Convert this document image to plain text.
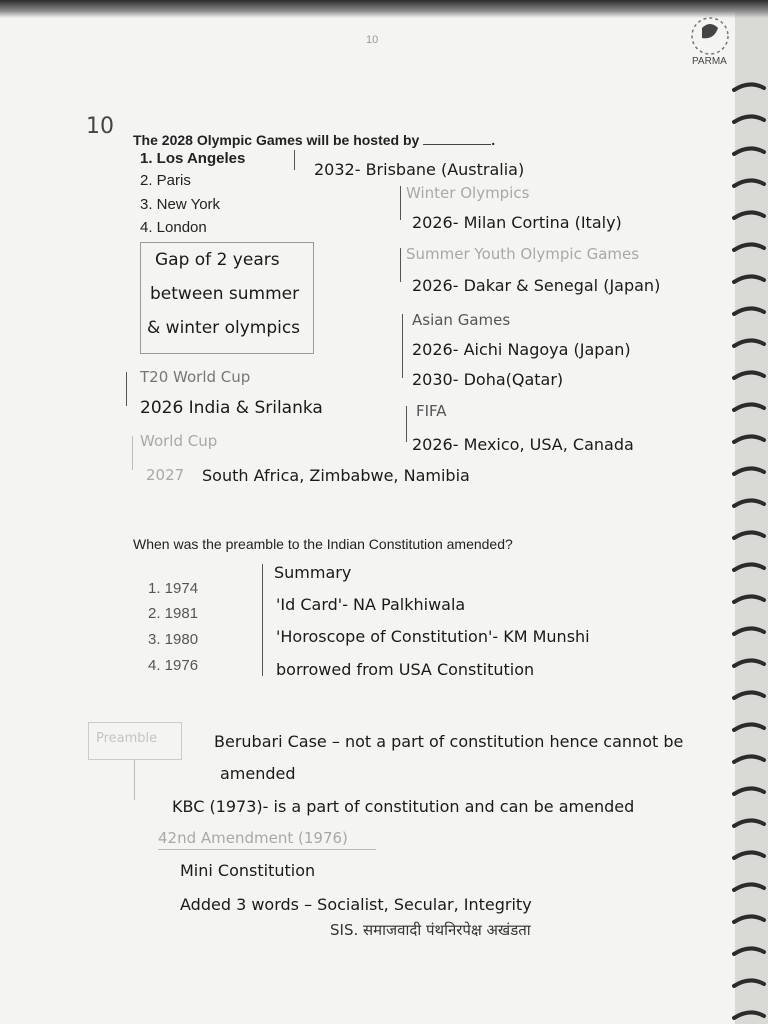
10
10
The 2028 Olympic Games will be hosted by	.
1. Los Angeles
2. Paris
3. New York
4. London
2032- Brisbane (Australia)
Winter Olympics
2026- Milan Cortina (Italy)
Summer Youth Olympic Games
2026- Dakar & Senegal (Japan)
Gap of 2 years
between summer
& winter olympics	Asian Games
2026- Aichi Nagoya (Japan)
2030- Doha(Qatar)
T20 World Cup
2026 India & Srilanka	FIFA
2026- Mexico, USA, Canada
World Cup
2027 South Africa, Zimbabwe, Namibia
When was the preamble to the Indian Constitution amended?
1. 1974
2. 1981
3. 1980
4. 1976
Summary
'Id Card'- NA Palkhiwala
'Horoscope of Constitution'- KM Munshi
borrowed from USA Constitution
Preamble	Berubari Case – not a part of constitution hence cannot be
amended
KBC (1973)- is a part of constitution and can be amended
42nd Amendment (1976)
Mini Constitution
Added 3 words – Socialist, Secular, Integrity
SIS. समाजवादी पंथनिरपेक्ष अखंडता
PARMA
